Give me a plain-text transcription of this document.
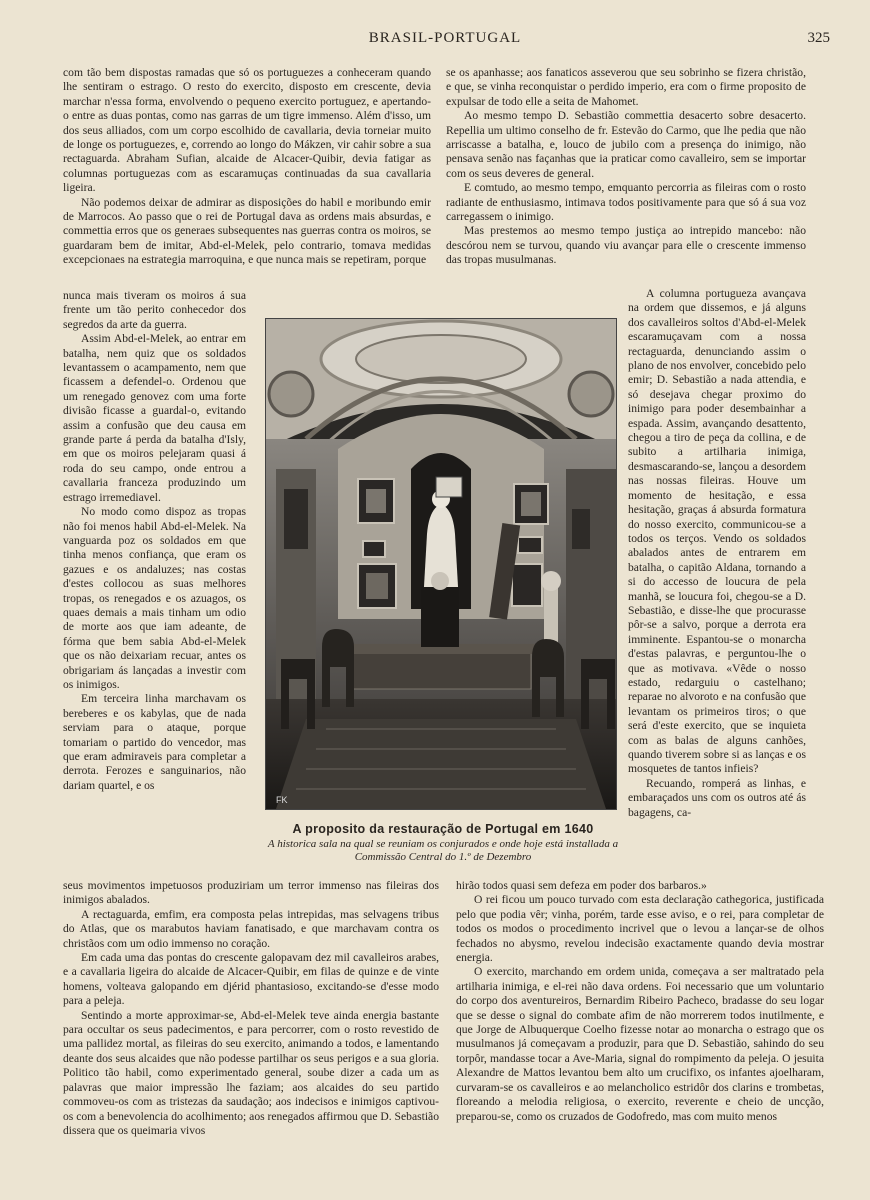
BRASIL-PORTUGAL	325

com tão bem dispostas ramadas que só os portuguezes a conheceram quando lhe sentiram o estrago. O resto do exercito, disposto em crescente, devia marchar n'essa forma, envolvendo o pequeno exercito portuguez, e apertando-o entre as duas pontas, como nas garras de um tigre immenso. Além d'isso, um dos seus alliados, com um corpo escolhido de cavallaria, devia torneiar muito de longe os portuguezes, e, correndo ao longo do Mákzen, vir cahir sobre a sua rectaguarda. Abraham Sufian, alcaide de Alcacer-Quibir, devia fatigar as columnas portuguezas com as escaramuças continuadas da sua cavallaria ligeira.

Não podemos deixar de admirar as disposições do habil e moribundo emir de Marrocos. Ao passo que o rei de Portugal dava as ordens mais absurdas, e commettia erros que os generaes subsequentes nas guerras contra os moiros, se guardaram bem de imitar, Abd-el-Melek, pelo contrario, tomava medidas excepcionaes na estrategia marroquina, e que nunca mais se repetiram, porque

nunca mais tiveram os moiros á sua frente um tão perito conhecedor dos segredos da arte da guerra.

Assim Abd-el-Melek, ao entrar em batalha, nem quiz que os soldados levantassem o acampamento, nem que ficassem a defendel-o. Ordenou que um renegado genovez com uma forte divisão ficasse a guardal-o, evitando assim a confusão que deu causa em grande parte á perda da batalha d'Isly, em que os moiros pelejaram quasi á roda do seu campo, onde entrou a cavallaria franceza produzindo um estrago irremediavel.

No modo como dispoz as tropas não foi menos habil Abd-el-Melek. Na vanguarda poz os soldados em que tinha menos confiança, que eram os gazues e os andaluzes; nas costas d'estes collocou as suas melhores tropas, os renegados e os azuagos, os quaes demais a mais tinham um odio de morte aos que iam adeante, de fórma que bem sabia Abd-el-Melek que os não deixariam recuar, antes os obrigariam ás lançadas a investir com os inimigos.

Em terceira linha marchavam os bereberes e os kabylas, que de nada serviam para o ataque, porque tomariam o partido do vencedor, mas que eram admiraveis para completar a derrota. Ferozes e sanguinarios, não dariam quartel, e os

se os apanhasse; aos fanaticos asseverou que seu sobrinho se fizera christão, e que, se vinha reconquistar o perdido imperio, era com o firme proposito de expulsar de todo elle a seita de Mahomet.

Ao mesmo tempo D. Sebastião commettia desacerto sobre desacerto. Repellia um ultimo conselho de fr. Estevão do Carmo, que lhe pedia que não arriscasse a batalha, e, louco de jubilo com a presença do inimigo, não pensava senão nas façanhas que ia praticar como cavalleiro, sem se importar com os seus deveres de general.

E comtudo, ao mesmo tempo, emquanto percorria as fileiras com o rosto radiante de enthusiasmo, intimava todos positivamente para que só á sua voz carregassem o inimigo.

Mas prestemos ao mesmo tempo justiça ao intrepido mancebo: não descórou nem se turvou, quando viu avançar para elle o crescente immenso das tropas musulmanas.

A columna portugueza avançava na ordem que dissemos, e já alguns dos cavalleiros soltos d'Abd-el-Melek escaramuçavam com a nossa rectaguarda, denunciando assim o plano de nos envolver, concebido pelo emir; D. Sebastião a nada attendia, e só desejava chegar proximo do inimigo para poder desembainhar a espada. Assim, avançando desattento, chegou a tiro de peça da collina, e de subito a artilharia inimiga, desmascarando-se, lançou a desordem nas nossas fileiras. Houve um momento de hesitação, e essa hesitação, graças á absurda formatura do nosso exercito, communicou-se a todos os terços. Vendo os soldados abalados antes de entrarem em batalha, o capitão Aldana, tornando a si do accesso de loucura de pela manhã, se loucura foi, chegou-se a D. Sebastião, e disse-lhe que procurasse pôr-se a salvo, porque a derrota era imminente. Espantou-se o monarcha d'estas palavras, e perguntou-lhe o que as motivava. «Vêde o nosso estado, redarguiu o castelhano; reparae no alvoroto e na confusão que levantam os primeiros tiros; o que será d'este exercito, que se inquieta com as balas de alguns canhões, quando tiverem sobre si as lanças e os mosquetes de tantos infieis?

Recuando, romperá as linhas, e embaraçados uns com os outros até ás bagagens, ca-

FK
A proposito da restauração de Portugal em 1640
A historica sala na qual se reuniam os conjurados e onde hoje está installada a Commissão Central do 1.º de Dezembro

seus movimentos impetuosos produziriam um terror immenso nas fileiras dos inimigos abalados.

A rectaguarda, emfim, era composta pelas intrepidas, mas selvagens tribus do Atlas, que os marabutos haviam fanatisado, e que marchavam contra os christãos com um odio immenso no coração.

Em cada uma das pontas do crescente galopavam dez mil cavalleiros arabes, e a cavallaria ligeira do alcaide de Alcacer-Quibir, em filas de quinze e de vinte homens, volteava galopando em djérid phantasioso, excitando-se d'esse modo para a peleja.

Sentindo a morte approximar-se, Abd-el-Melek teve ainda energia bastante para occultar os seus padecimentos, e para percorrer, com o rosto revestido de uma pallidez mortal, as fileiras do seu exercito, animando a todos, e lamentando deante dos seus alcaides que não podesse partilhar os seus perigos e a sua gloria. Politico tão habil, como experimentado general, soube dizer a cada um as palavras que maior impressão lhe faziam; aos alcaides do seu partido commoveu-os com as tristezas da saudação; aos indecisos e inimigos captivou-os com a benevolencia do acolhimento; aos renegados affirmou que D. Sebastião dissera que os queimaria vivos

hirão todos quasi sem defeza em poder dos barbaros.»

O rei ficou um pouco turvado com esta declaração cathegorica, justificada pelo que podia vêr; vinha, porém, tarde esse aviso, e o rei, para completar de todos os modos o procedimento incrivel que o levou a lançar-se de olhos fechados no abysmo, revelou indecisão exactamente quando devia mostrar energia.

O exercito, marchando em ordem unida, começava a ser maltratado pela artilharia inimiga, e el-rei não dava ordens. Foi necessario que um voluntario do corpo dos aventureiros, Bernardim Ribeiro Pacheco, bradasse do seu logar que se desse o signal do combate afim de não morrerem todos inutilmente, e que Jorge de Albuquerque Coelho fizesse notar ao monarcha o estrago que os musulmanos já começavam a produzir, para que D. Sebastião, sahindo do seu torpôr, mandasse tocar a Ave-Maria, signal do rompimento da peleja. O jesuita Alexandre de Mattos levantou bem alto um crucifixo, os infantes ajoelharam, curvaram-se os cavalleiros e ao melancholico estridôr dos clarins e trombetas, floreando a melodia religiosa, o exercito, reverente e cheio de uncção, preparou-se, como os cruzados de Godofredo, mas com muito menos
